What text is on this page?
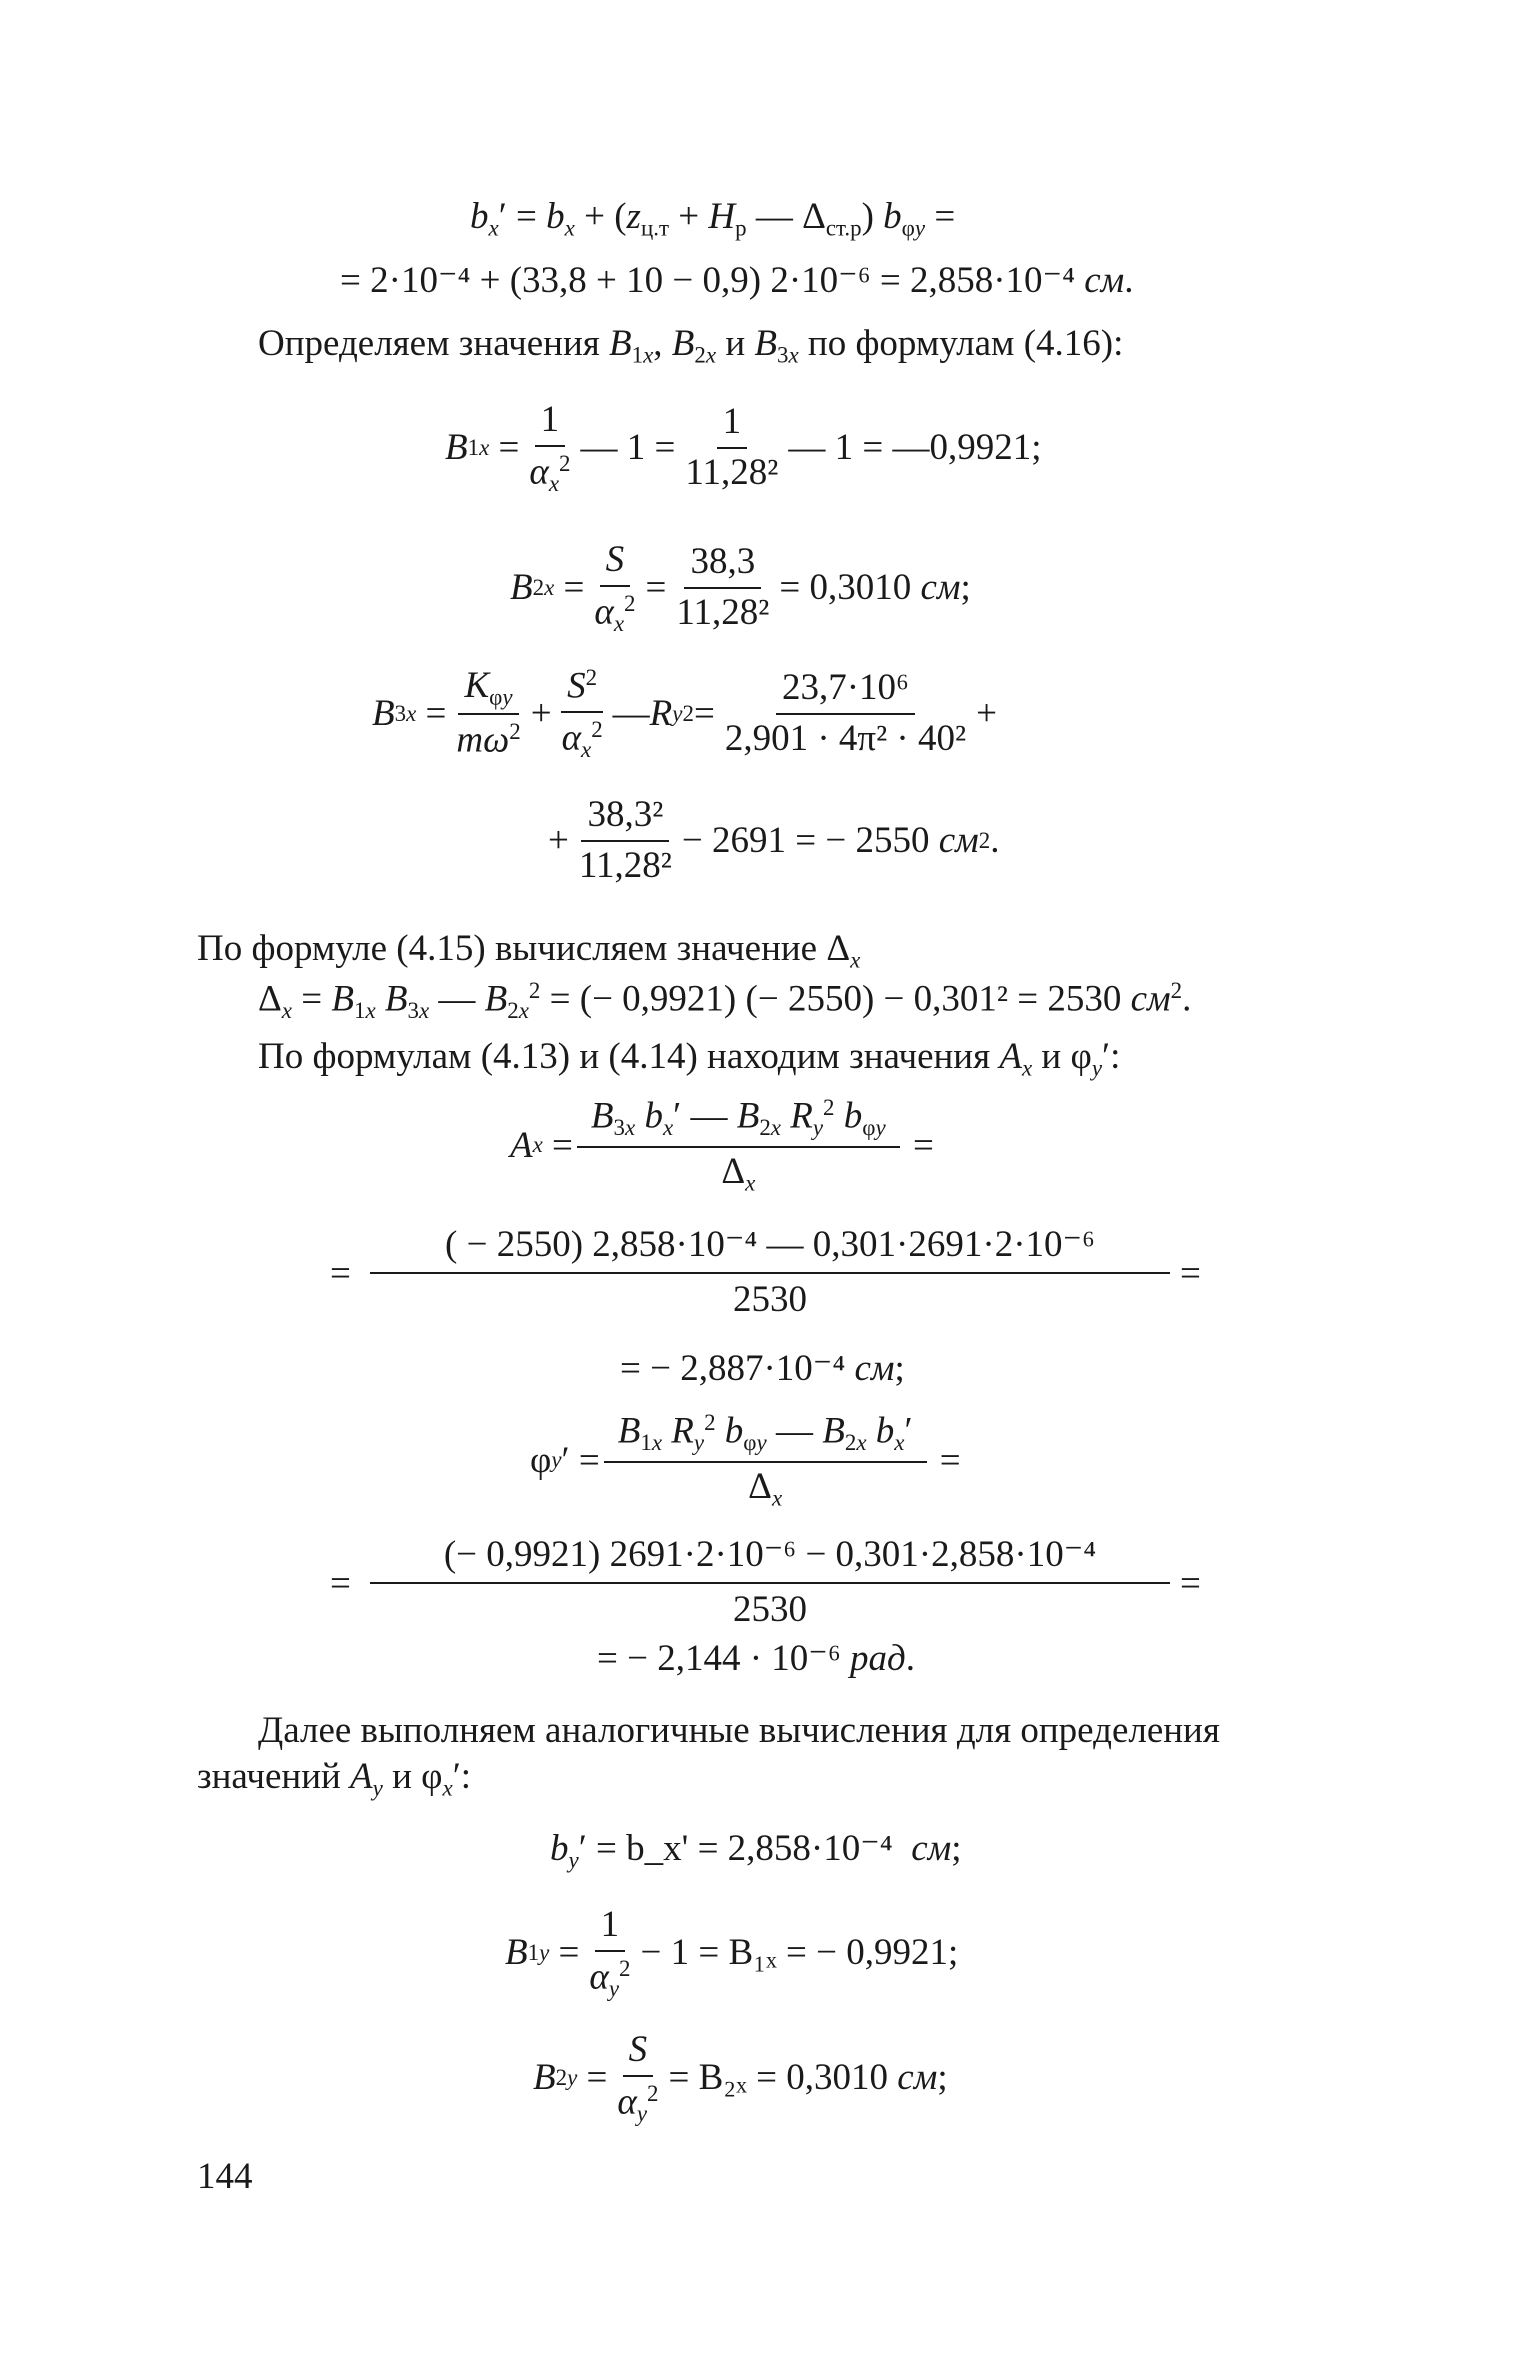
$b_x' = b_x + (z_{ц.т} + H_р$ — $\Delta_{ст.р}$) $b_{\varphi y}$ =
= 2·10⁻⁴ + (33,8 + 10 − 0,9) 2·10⁻⁶ = 2,858·10⁻⁴ см.
Определяем значения $B_{1x}$, $B_{2x}$ и $B_{3x}$ по формулам (4.16):
B $1x = \frac{1}{\alpha_x^2}$ — $1 = \frac{1}{\text{11,28²}}$ — 1 = —0,9921;
B $2x = \frac{S}{\alpha_x^2} = \frac{38,3}{\text{11,28²}} = 0,3010$
см ;
B $3x = \frac{K_{\varphi y}}{m\omega^2} + \frac{S^2}{\alpha_x^2}$ — R y $2 = \frac{\text{23,7·10⁶}}{\text{2,901 · 4π² · 40²}}$ +
+ $\frac{\text{38,3²}}{\text{11,28²}} - 2691$ = − 2550
см 2 .
По формуле (4.15) вычисляем значение $\Delta_x$
$\Delta_x = B_{1x}$ $B_{3x}$ — $B_{2x}^2$ = (− 0,9921) (− 2550) − 0,301² = 2530 $см^2$.
По формулам (4.13) и (4.14) находим значения $A_x$ и $\varphi_y'$:
A $x = \frac{B_{3x} b_x' — B_{2x} R_y^2 b_{\varphi y}}{\Delta_x}$ =
= $\frac{\text{( − 2550) 2,858·10⁻⁴ — 0,301·2691·2·10⁻⁶}}{2530}$ =
= − 2,887·10⁻⁴ см;
φ y ′ = $\frac{B_{1x} R_y^2 b_{\varphi y} — B_{2x} b_x'}{\Delta_x}$ =
= $\frac{\text{(− 0,9921) 2691·2·10⁻⁶ − 0,301·2,858·10⁻⁴}}{2530}$ =
= − 2,144 · 10⁻⁶ рад.
Далее выполняем аналогичные вычисления для определения
значений $A_y$ и $\varphi_x'$:
$b_y'$ = b_x' = 2,858·10⁻⁴ см;
B $1y = \frac{1}{\alpha_y^2} - 1 = B_{1x}$ = − 0,9921;
B $2y = \frac{S}{\alpha_y^2} = B_{2x} = 0,3010$
см ;
144
